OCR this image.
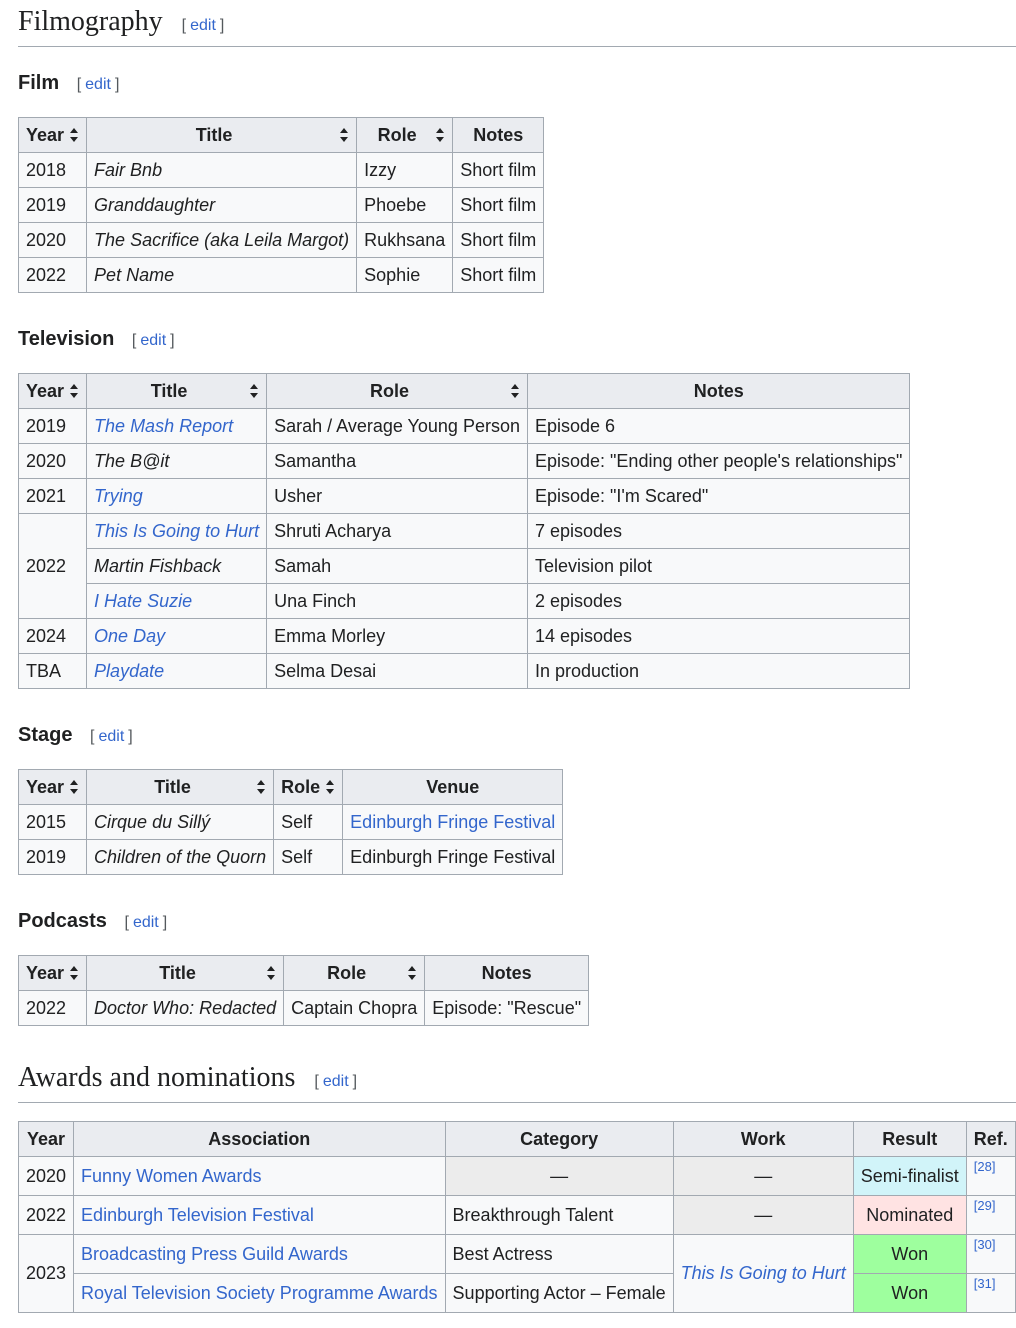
Filmography [ edit ]
Film [ edit ]
Year	Title	Role	Notes
2018	Fair Bnb	Izzy	Short film
2019	Granddaughter	Phoebe	Short film
2020	The Sacrifice (aka Leila Margot)	Rukhsana	Short film
2022	Pet Name	Sophie	Short film
Television [ edit ]
Year	Title	Role	Notes
2019	The Mash Report	Sarah / Average Young Person	Episode 6
2020	The B@it	Samantha	Episode: "Ending other people's relationships"
2021	Trying	Usher	Episode: "I'm Scared"
2022	This Is Going to Hurt	Shruti Acharya	7 episodes
	Martin Fishback	Samah	Television pilot
	I Hate Suzie	Una Finch	2 episodes
2024	One Day	Emma Morley	14 episodes
TBA	Playdate	Selma Desai	In production
Stage [ edit ]
Year	Title	Role	Venue
2015	Cirque du Sillý	Self	Edinburgh Fringe Festival
2019	Children of the Quorn	Self	Edinburgh Fringe Festival
Podcasts [ edit ]
Year	Title	Role	Notes
2022	Doctor Who: Redacted	Captain Chopra	Episode: "Rescue"
Awards and nominations [ edit ]
Year	Association	Category	Work	Result	Ref.
2020	Funny Women Awards	—	—	Semi-finalist	[28]
2022	Edinburgh Television Festival	Breakthrough Talent	—	Nominated	[29]
2023	Broadcasting Press Guild Awards	Best Actress	This Is Going to Hurt	Won	[30]
	Royal Television Society Programme Awards	Supporting Actor – Female		Won	[31]
